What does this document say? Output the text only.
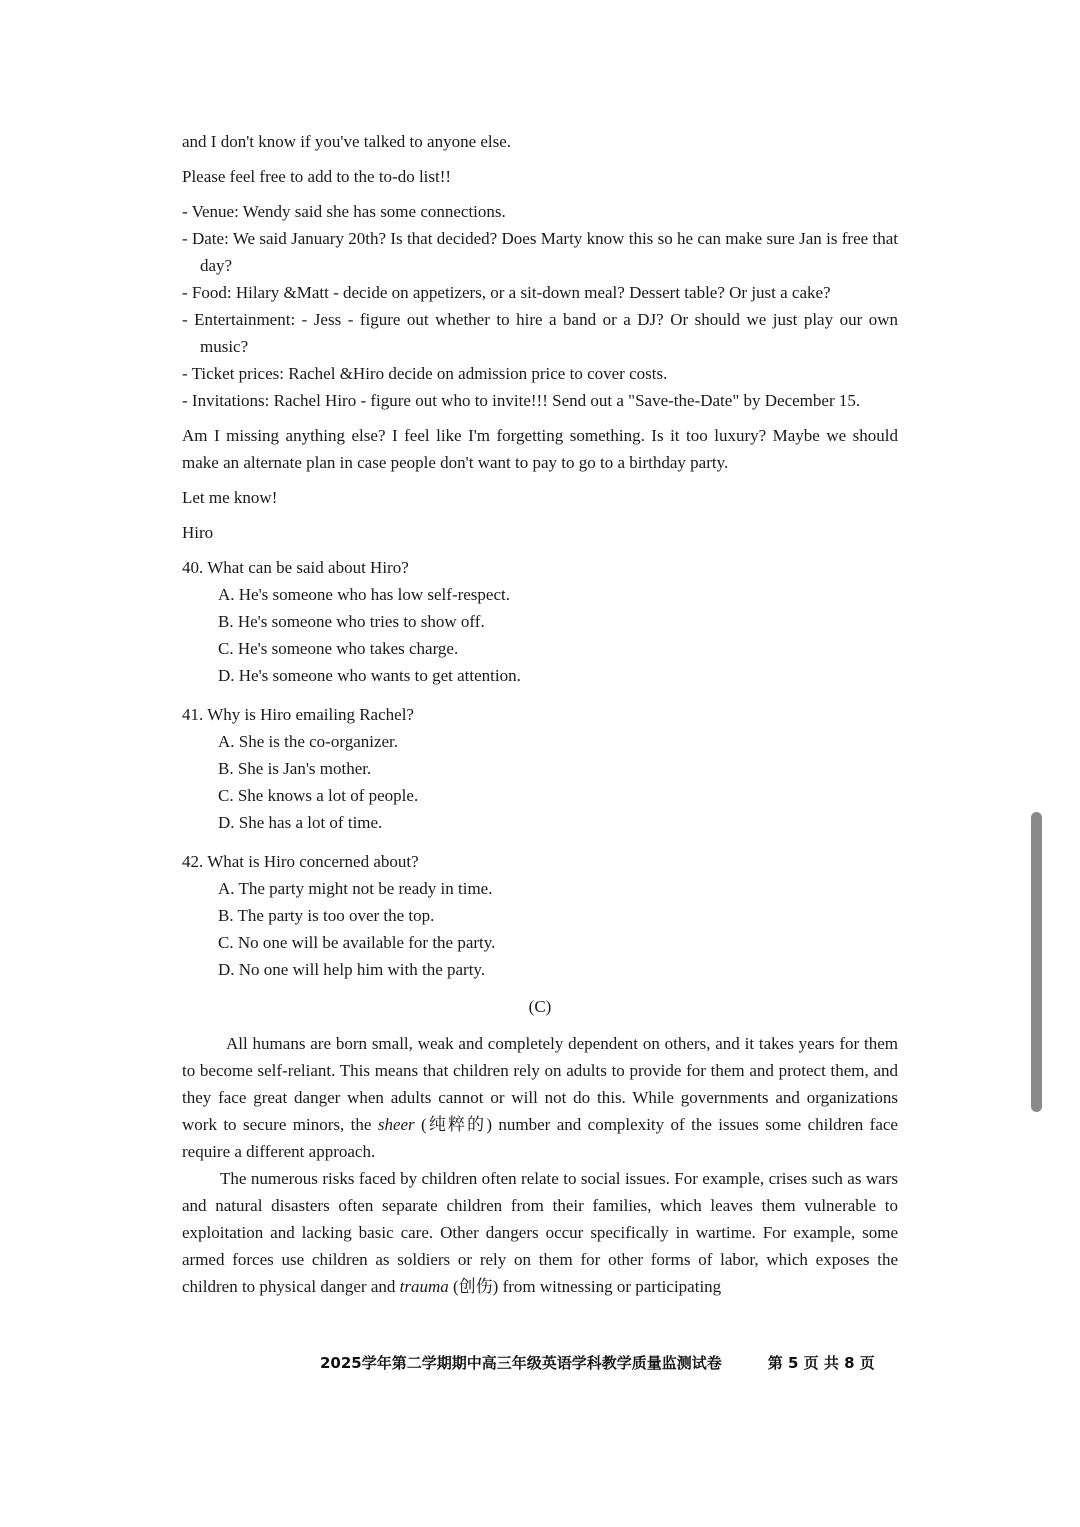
and I don't know if you've talked to anyone else.

Please feel free to add to the to-do list!!

- Venue: Wendy said she has some connections.

- Date: We said January 20th? Is that decided? Does Marty know this so he can make sure Jan is free that day?

- Food: Hilary &Matt - decide on appetizers, or a sit-down meal? Dessert table? Or just a cake?

- Entertainment: - Jess - figure out whether to hire a band or a DJ? Or should we just play our own music?

- Ticket prices: Rachel &Hiro decide on admission price to cover costs.

- Invitations: Rachel Hiro - figure out who to invite!!! Send out a "Save-the-Date" by December 15.

Am I missing anything else? I feel like I'm forgetting something. Is it too luxury? Maybe we should make an alternate plan in case people don't want to pay to go to a birthday party.

Let me know!

Hiro

40. What can be said about Hiro?

A. He's someone who has low self-respect.

B. He's someone who tries to show off.

C. He's someone who takes charge.

D. He's someone who wants to get attention.

41. Why is Hiro emailing Rachel?

A. She is the co-organizer.

B. She is Jan's mother.

C. She knows a lot of people.

D. She has a lot of time.

42. What is Hiro concerned about?

A. The party might not be ready in time.

B. The party is too over the top.

C. No one will be available for the party.

D. No one will help him with the party.

(C)

All humans are born small, weak and completely dependent on others, and it takes years for them to become self-reliant. This means that children rely on adults to provide for them and protect them, and they face great danger when adults cannot or will not do this. While governments and organizations work to secure minors, the sheer (纯粹的) number and complexity of the issues some children face require a different approach.

The numerous risks faced by children often relate to social issues. For example, crises such as wars and natural disasters often separate children from their families, which leaves them vulnerable to exploitation and lacking basic care. Other dangers occur specifically in wartime. For example, some armed forces use children as soldiers or rely on them for other forms of labor, which exposes the children to physical danger and trauma (创伤) from witnessing or participating

2025学年第二学期期中高三年级英语学科教学质量监测试卷	第 5 页 共 8 页
